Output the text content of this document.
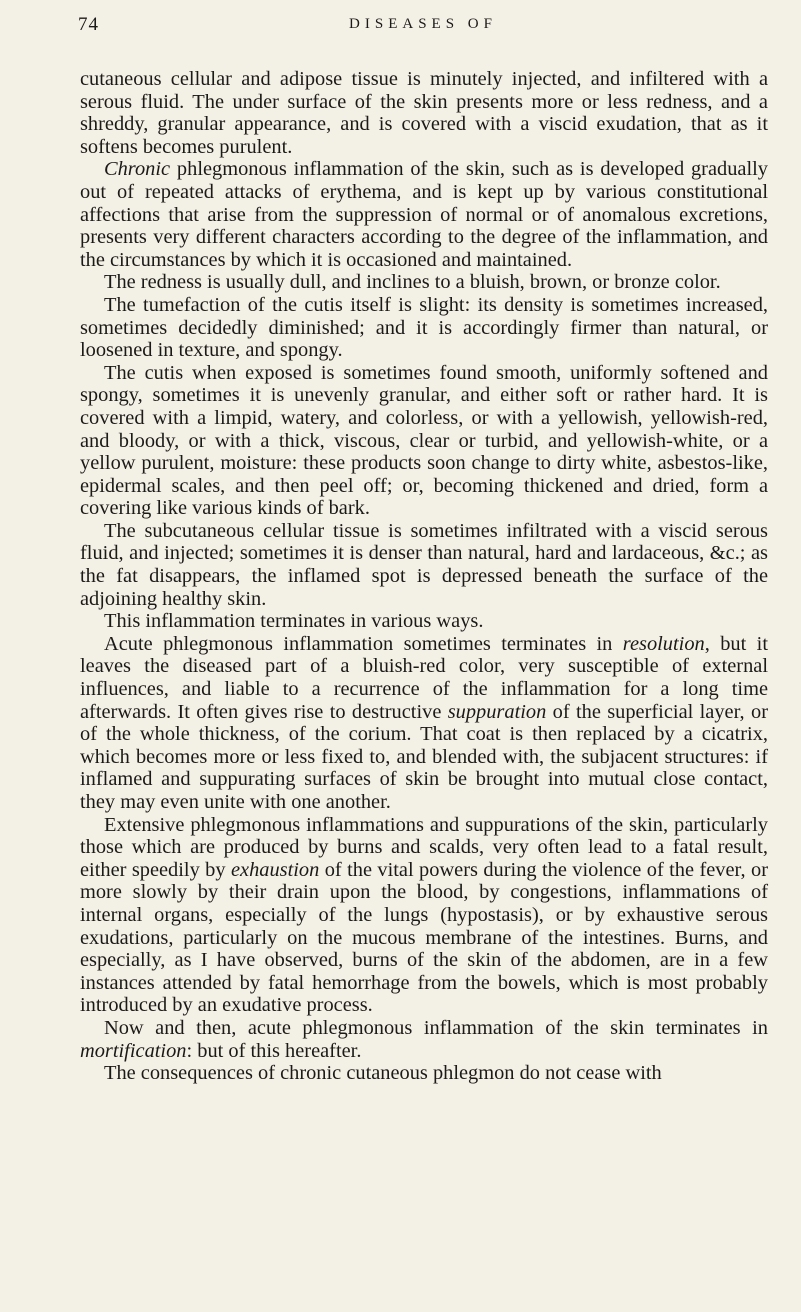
74	DISEASES OF

cutaneous cellular and adipose tissue is minutely injected, and infiltered with a serous fluid. The under surface of the skin presents more or less redness, and a shreddy, granular appearance, and is covered with a viscid exudation, that as it softens becomes purulent.

Chronic phlegmonous inflammation of the skin, such as is developed gradually out of repeated attacks of erythema, and is kept up by various constitutional affections that arise from the suppression of normal or of anomalous excretions, presents very different characters according to the degree of the inflammation, and the circumstances by which it is occasioned and maintained.

The redness is usually dull, and inclines to a bluish, brown, or bronze color.

The tumefaction of the cutis itself is slight: its density is sometimes increased, sometimes decidedly diminished; and it is accordingly firmer than natural, or loosened in texture, and spongy.

The cutis when exposed is sometimes found smooth, uniformly softened and spongy, sometimes it is unevenly granular, and either soft or rather hard. It is covered with a limpid, watery, and colorless, or with a yellowish, yellowish-red, and bloody, or with a thick, viscous, clear or turbid, and yellowish-white, or a yellow purulent, moisture: these products soon change to dirty white, asbestos-like, epidermal scales, and then peel off; or, becoming thickened and dried, form a covering like various kinds of bark.

The subcutaneous cellular tissue is sometimes infiltrated with a viscid serous fluid, and injected; sometimes it is denser than natural, hard and lardaceous, &c.; as the fat disappears, the inflamed spot is depressed beneath the surface of the adjoining healthy skin.

This inflammation terminates in various ways.

Acute phlegmonous inflammation sometimes terminates in resolution, but it leaves the diseased part of a bluish-red color, very susceptible of external influences, and liable to a recurrence of the inflammation for a long time afterwards. It often gives rise to destructive suppuration of the superficial layer, or of the whole thickness, of the corium. That coat is then replaced by a cicatrix, which becomes more or less fixed to, and blended with, the subjacent structures: if inflamed and suppurating surfaces of skin be brought into mutual close contact, they may even unite with one another.

Extensive phlegmonous inflammations and suppurations of the skin, particularly those which are produced by burns and scalds, very often lead to a fatal result, either speedily by exhaustion of the vital powers during the violence of the fever, or more slowly by their drain upon the blood, by congestions, inflammations of internal organs, especially of the lungs (hypostasis), or by exhaustive serous exudations, particularly on the mucous membrane of the intestines. Burns, and especially, as I have observed, burns of the skin of the abdomen, are in a few instances attended by fatal hemorrhage from the bowels, which is most probably introduced by an exudative process.

Now and then, acute phlegmonous inflammation of the skin terminates in mortification: but of this hereafter.

The consequences of chronic cutaneous phlegmon do not cease with
